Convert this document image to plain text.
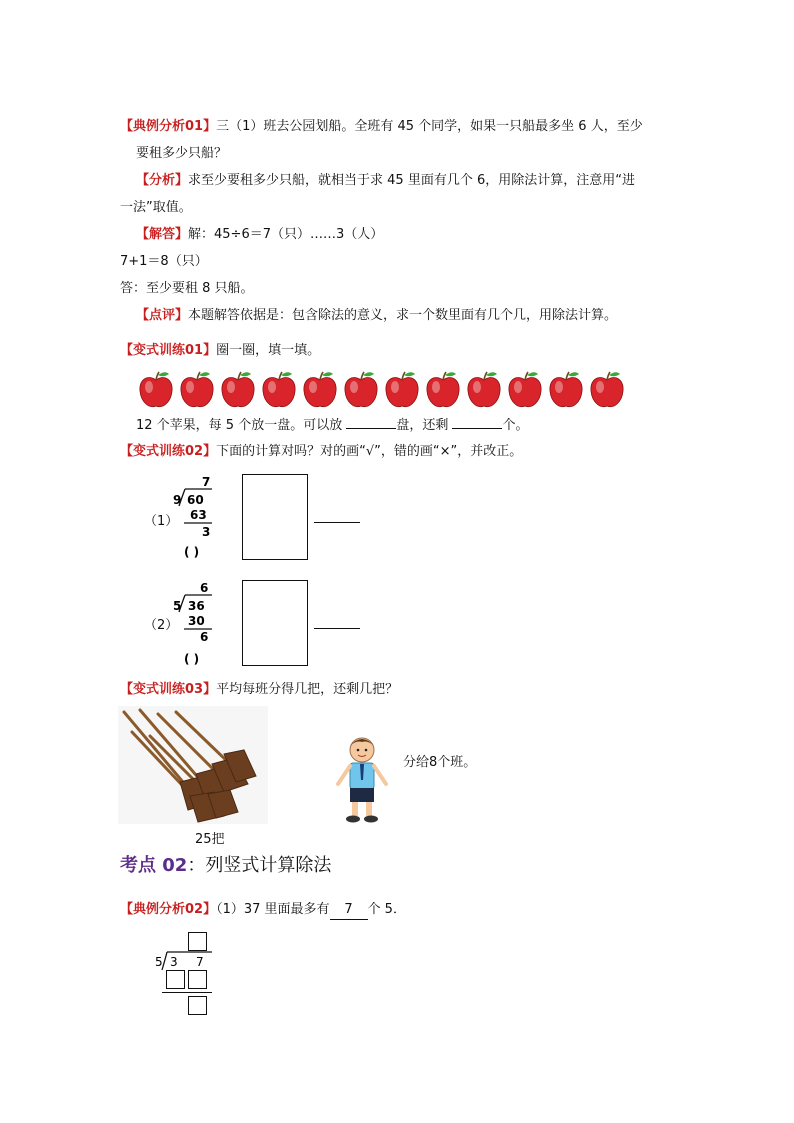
【典例分析01】三（1）班去公园划船。全班有 45 个同学，如果一只船最多坐 6 人，至少
要租多少只船？
【分析】求至少要租多少只船，就相当于求 45 里面有几个 6，用除法计算，注意用“进
一法”取值。
【解答】解：45÷6＝7（只）……3（人）
7+1＝8（只）
答：至少要租 8 只船。
【点评】本题解答依据是：包含除法的意义，求一个数里面有几个几，用除法计算。
【变式训练01】圈一圈，填一填。
12 个苹果，每 5 个放一盘。可以放	盘，还剩	个。
【变式训练02】下面的计算对吗？对的画“√”，错的画“×”，并改正。
（1）
7
9 60
63
3
( )
（2）
6
5 36
30
6
( )
【变式训练03】平均每班分得几把，还剩几把？
25把
分给8个班。
考点 02：列竖式计算除法
【典例分析02】（1）37 里面最多有 7 个 5．
5 3 7
